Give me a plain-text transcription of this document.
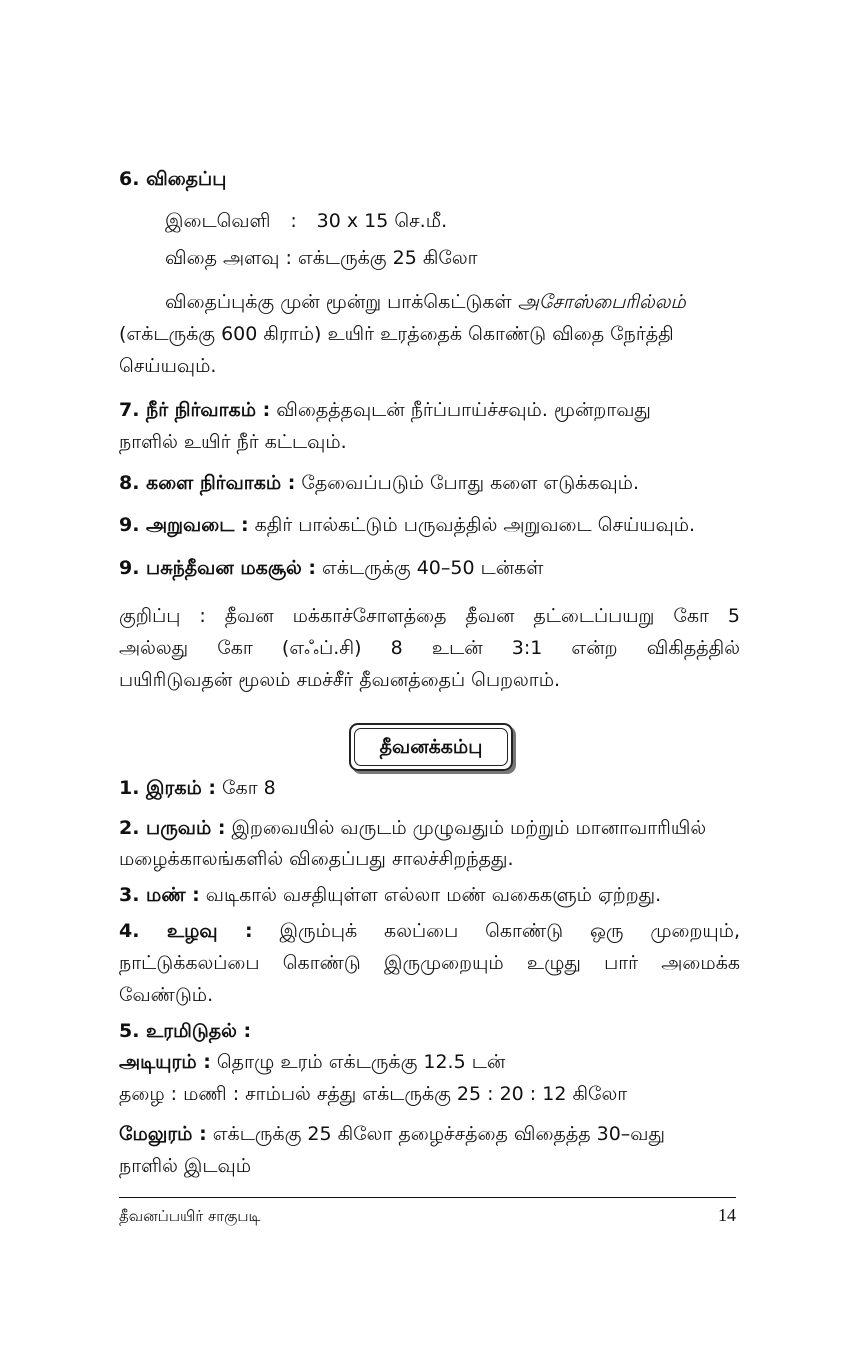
6. விதைப்பு
இடைவெளி : 30 x 15 செ.மீ.
விதை அளவு : எக்டருக்கு 25 கிலோ
விதைப்புக்கு முன் மூன்று பாக்கெட்டுகள் அசோஸ்பைரில்லம்
(எக்டருக்கு 600 கிராம்) உயிர் உரத்தைக் கொண்டு விதை நேர்த்தி
செய்யவும்.
7. நீர் நிர்வாகம் : விதைத்தவுடன் நீர்ப்பாய்ச்சவும். மூன்றாவது
நாளில் உயிர் நீர் கட்டவும்.
8. களை நிர்வாகம் : தேவைப்படும் போது களை எடுக்கவும்.
9. அறுவடை : கதிர் பால்கட்டும் பருவத்தில் அறுவடை செய்யவும்.
9. பசுந்தீவன மகசூல் : எக்டருக்கு 40–50 டன்கள்
குறிப்பு : தீவன மக்காச்சோளத்தை தீவன தட்டைப்பயறு கோ 5
அல்லது கோ (எஃப்.சி) 8 உடன் 3:1 என்ற விகிதத்தில்
பயிரிடுவதன் மூலம் சமச்சீர் தீவனத்தைப் பெறலாம்.
தீவனக்கம்பு
1. இரகம் : கோ 8
2. பருவம் : இறவையில் வருடம் முழுவதும் மற்றும் மானாவாரியில்
மழைக்காலங்களில் விதைப்பது சாலச்சிறந்தது.
3. மண் : வடிகால் வசதியுள்ள எல்லா மண் வகைகளும் ஏற்றது.
4. உழவு : இரும்புக் கலப்பை கொண்டு ஒரு முறையும்,
நாட்டுக்கலப்பை கொண்டு இருமுறையும் உழுது பார் அமைக்க
வேண்டும்.
5. உரமிடுதல் :
அடியுரம் : தொழு உரம் எக்டருக்கு 12.5 டன்
தழை : மணி : சாம்பல் சத்து எக்டருக்கு 25 : 20 : 12 கிலோ
மேலுரம் : எக்டருக்கு 25 கிலோ தழைச்சத்தை விதைத்த 30–வது
நாளில் இடவும்
தீவனப்பயிர் சாகுபடி	14
